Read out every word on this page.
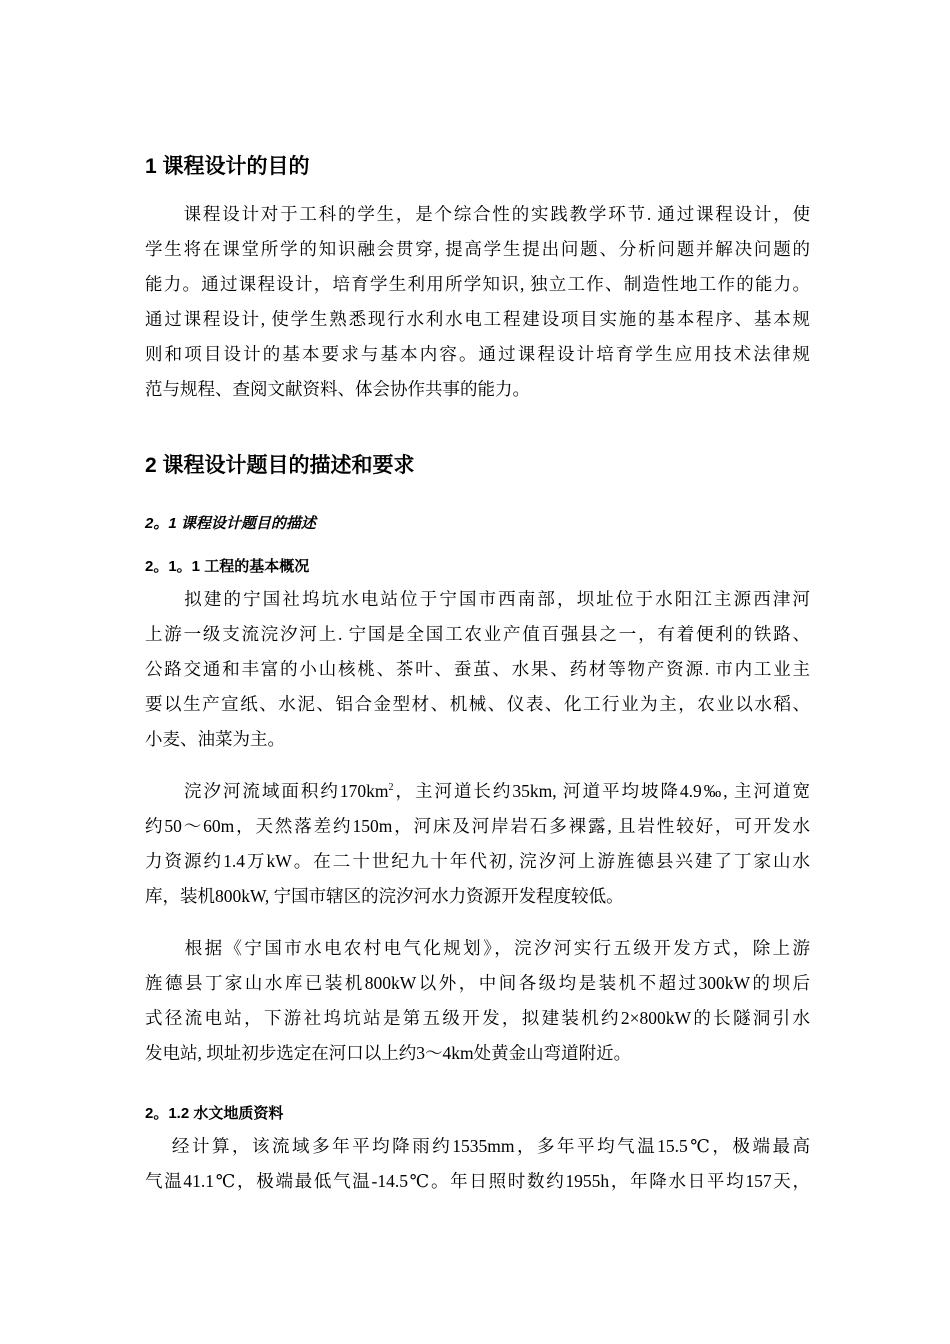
1 课程设计的目的
　　课程设计对于工科的学生，是个综合性的实践教学环节. 通过课程设计，使
学生将在课堂所学的知识融会贯穿, 提高学生提出问题、分析问题并解决问题的
能力。通过课程设计，培育学生利用所学知识, 独立工作、制造性地工作的能力。
通过课程设计, 使学生熟悉现行水利水电工程建设项目实施的基本程序、基本规
则和项目设计的基本要求与基本内容。通过课程设计培育学生应用技术法律规
范与规程、查阅文献资料、体会协作共事的能力。
2 课程设计题目的描述和要求
2。1 课程设计题目的描述
2。1。1 工程的基本概况
　　拟建的宁国社坞坑水电站位于宁国市西南部，坝址位于水阳江主源西津河
上游一级支流浣汐河上. 宁国是全国工农业产值百强县之一，有着便利的铁路、
公路交通和丰富的小山核桃、茶叶、蚕茧、水果、药材等物产资源. 市内工业主
要以生产宣纸、水泥、铝合金型材、机械、仪表、化工行业为主，农业以水稻、
小麦、油菜为主。
　　浣汐河流域面积约$170km^2$，主河道长约35km, 河道平均坡降4.9‰, 主河道宽
约50～60m，天然落差约150m，河床及河岸岩石多裸露, 且岩性较好，可开发水
力资源约1.4万kW。在二十世纪九十年代初, 浣汐河上游旌德县兴建了丁家山水
库，装机800kW, 宁国市辖区的浣汐河水力资源开发程度较低。
　　根据《宁国市水电农村电气化规划》，浣汐河实行五级开发方式，除上游
旌德县丁家山水库已装机800kW以外，中间各级均是装机不超过300kW的坝后
式径流电站，下游社坞坑站是第五级开发，拟建装机约2×800kW的长隧洞引水
发电站, 坝址初步选定在河口以上约3～4km处黄金山弯道附近。
2。1.2 水文地质资料
　 经计算，该流域多年平均降雨约1535mm，多年平均气温15.5℃，极端最高
气温41.1℃，极端最低气温-14.5℃。年日照时数约1955h，年降水日平均157天，
